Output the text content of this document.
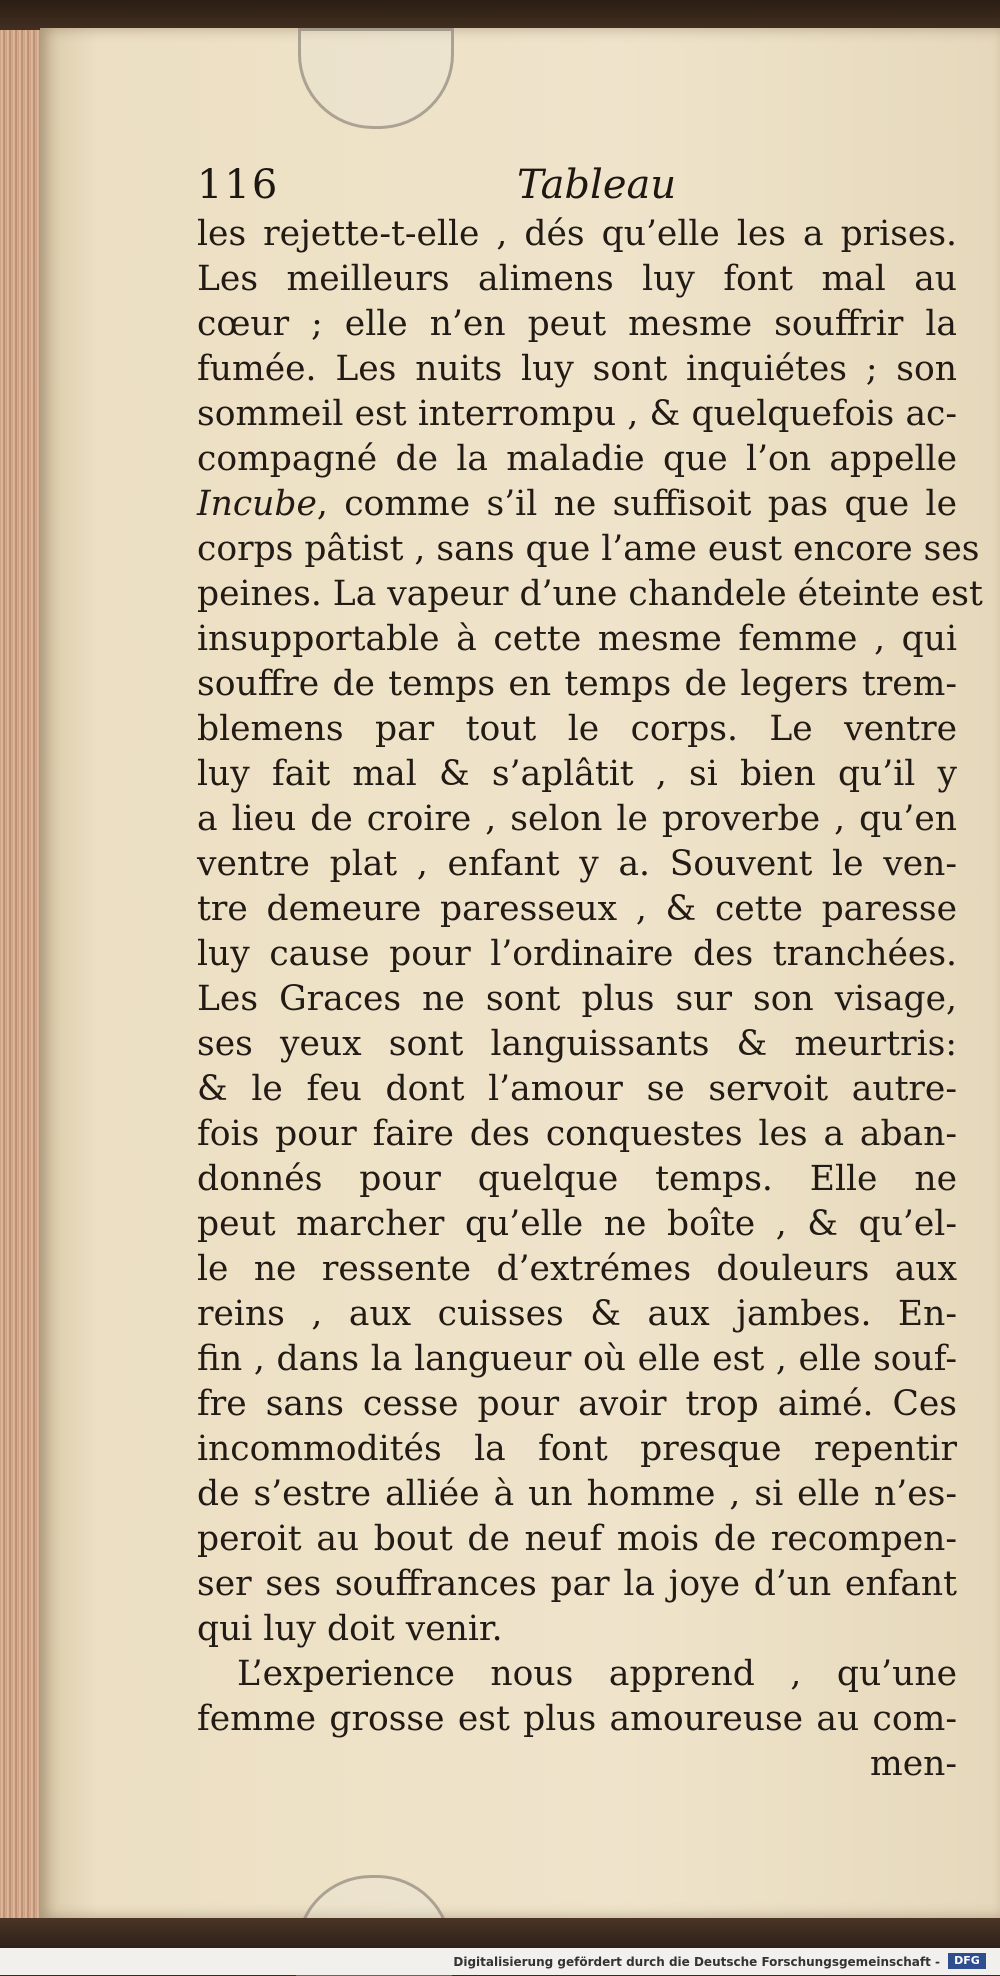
116	Tableau
les rejette-t-elle , dés qu’elle les a prises.
Les meilleurs alimens luy font mal au
cœur ; elle n’en peut mesme souffrir la
fumée. Les nuits luy sont inquiétes ; son
sommeil est interrompu , & quelquefois ac-
compagné de la maladie que l’on appelle
Incube, comme s’il ne suffisoit pas que le
corps pâtist , sans que l’ame eust encore ses
peines. La vapeur d’une chandele éteinte est
insupportable à cette mesme femme , qui
souffre de temps en temps de legers trem-
blemens par tout le corps. Le ventre
luy fait mal & s’aplâtit , si bien qu’il y
a lieu de croire , selon le proverbe , qu’en
ventre plat , enfant y a. Souvent le ven-
tre demeure paresseux , & cette paresse
luy cause pour l’ordinaire des tranchées.
Les Graces ne sont plus sur son visage,
ses yeux sont languissants & meurtris:
& le feu dont l’amour se servoit autre-
fois pour faire des conquestes les a aban-
donnés pour quelque temps. Elle ne
peut marcher qu’elle ne boîte , & qu’el-
le ne ressente d’extrémes douleurs aux
reins , aux cuisses & aux jambes. En-
fin , dans la langueur où elle est , elle souf-
fre sans cesse pour avoir trop aimé. Ces
incommodités la font presque repentir
de s’estre alliée à un homme , si elle n’es-
peroit au bout de neuf mois de recompen-
ser ses souffrances par la joye d’un enfant
qui luy doit venir.
L’experience nous apprend , qu’une
femme grosse est plus amoureuse au com-
men-
Digitalisierung gefördert durch die Deutsche Forschungsgemeinschaft -	DFG
